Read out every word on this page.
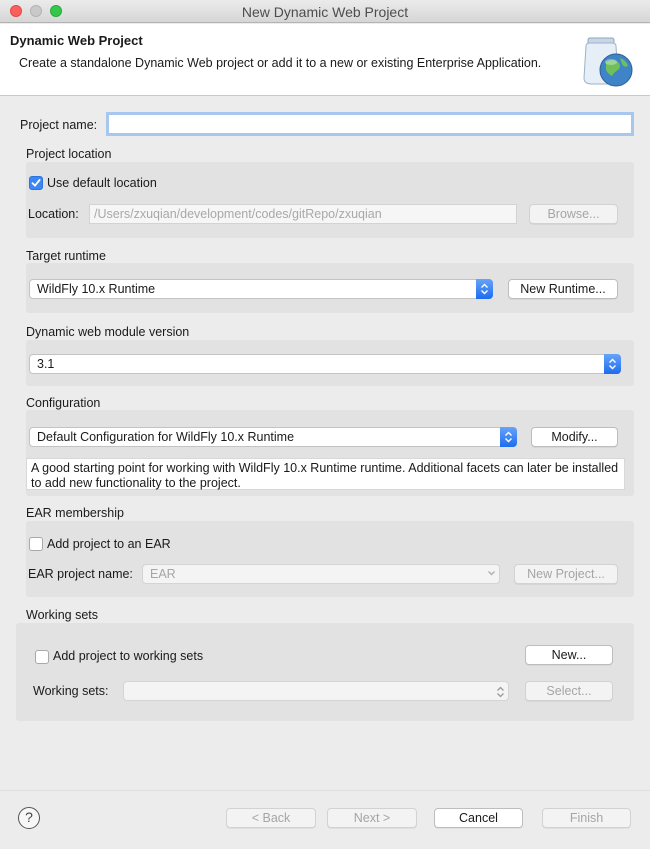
New Dynamic Web Project
Dynamic Web Project
Create a standalone Dynamic Web project or add it to a new or existing Enterprise Application.
Project name:
Project location
Use default location
Location:	/Users/zxuqian/development/codes/gitRepo/zxuqian	Browse...
Target runtime
WildFly 10.x Runtime	New Runtime...
Dynamic web module version
3.1
Configuration
Default Configuration for WildFly 10.x Runtime	Modify...
A good starting point for working with WildFly 10.x Runtime runtime. Additional facets can later be installed to add new functionality to the project.
EAR membership
Add project to an EAR
EAR project name:	EAR	New Project...
Working sets
Add project to working sets	New...
Working sets:	Select...
?	< Back	Next >	Cancel	Finish
